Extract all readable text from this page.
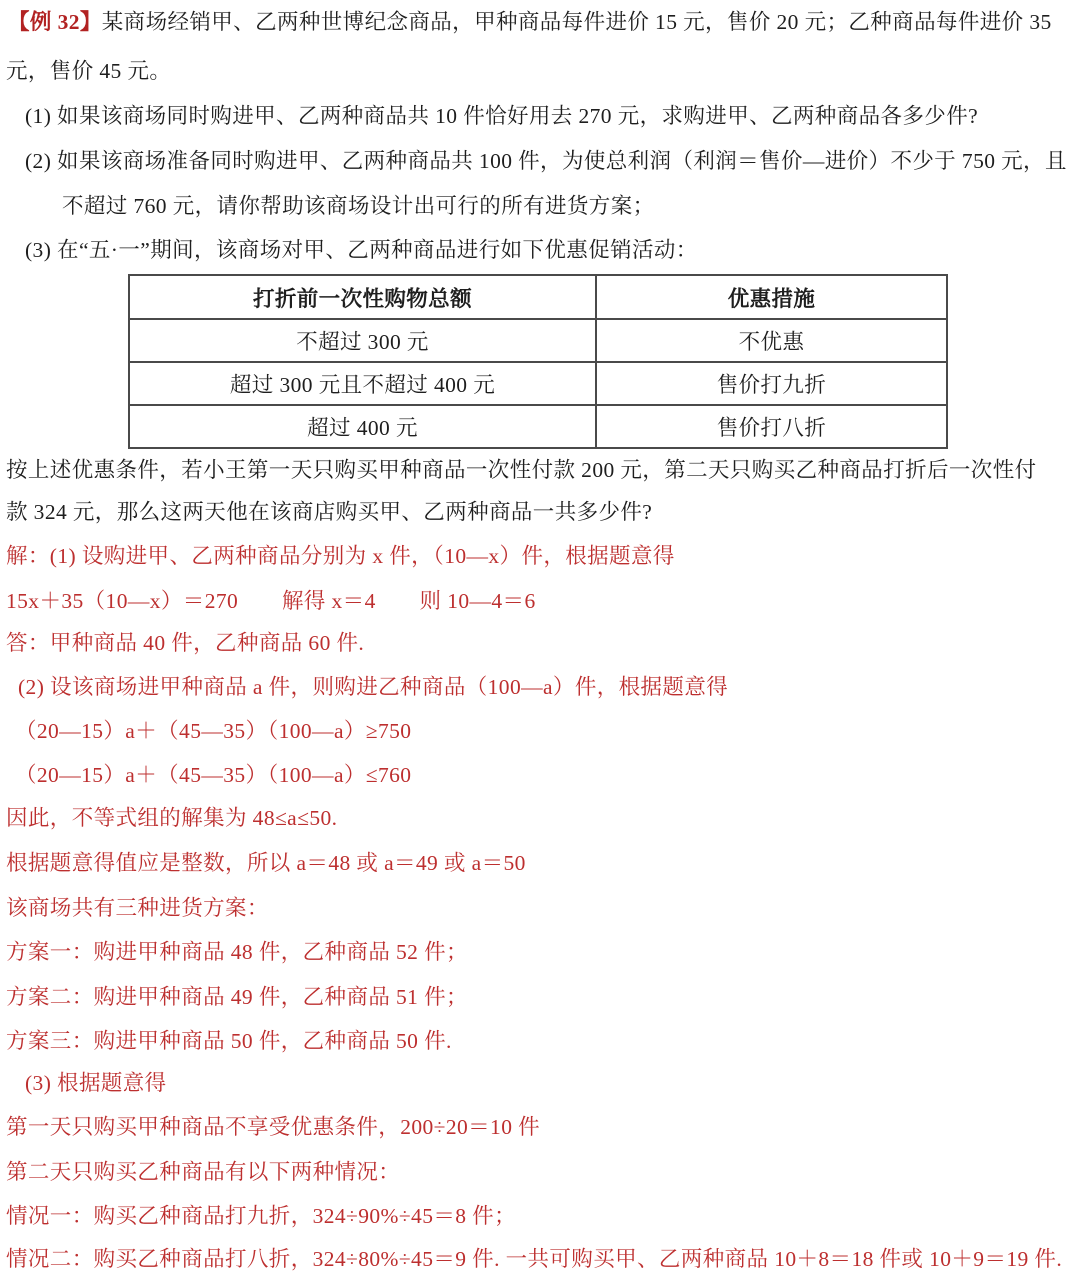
【例 32】某商场经销甲、乙两种世博纪念商品，甲种商品每件进价 15 元，售价 20 元；乙种商品每件进价 35
元，售价 45 元。
(1) 如果该商场同时购进甲、乙两种商品共 10 件恰好用去 270 元，求购进甲、乙两种商品各多少件?
(2) 如果该商场准备同时购进甲、乙两种商品共 100 件，为使总利润（利润＝售价—进价）不少于 750 元，且
不超过 760 元，请你帮助该商场设计出可行的所有进货方案；
(3) 在“五·一”期间，该商场对甲、乙两种商品进行如下优惠促销活动：
打折前一次性购物总额	优惠措施
不超过 300 元	不优惠
超过 300 元且不超过 400 元	售价打九折
超过 400 元	售价打八折
按上述优惠条件，若小王第一天只购买甲种商品一次性付款 200 元，第二天只购买乙种商品打折后一次性付
款 324 元，那么这两天他在该商店购买甲、乙两种商品一共多少件?
解：(1) 设购进甲、乙两种商品分别为 x 件，（10—x）件，根据题意得
15x＋35（10—x）＝270　　解得 x＝4　　则 10—4＝6
答：甲种商品 40 件，乙种商品 60 件.
(2) 设该商场进甲种商品 a 件，则购进乙种商品（100—a）件，根据题意得
（20—15）a＋（45—35）（100—a）≥750
（20—15）a＋（45—35）（100—a）≤760
因此，不等式组的解集为 48≤a≤50.
根据题意得值应是整数，所以 a＝48 或 a＝49 或 a＝50
该商场共有三种进货方案：
方案一：购进甲种商品 48 件，乙种商品 52 件；
方案二：购进甲种商品 49 件，乙种商品 51 件；
方案三：购进甲种商品 50 件，乙种商品 50 件.
(3) 根据题意得
第一天只购买甲种商品不享受优惠条件，200÷20＝10 件
第二天只购买乙种商品有以下两种情况：
情况一：购买乙种商品打九折，324÷90%÷45＝8 件；
情况二：购买乙种商品打八折，324÷80%÷45＝9 件. 一共可购买甲、乙两种商品 10＋8＝18 件或 10＋9＝19 件.
